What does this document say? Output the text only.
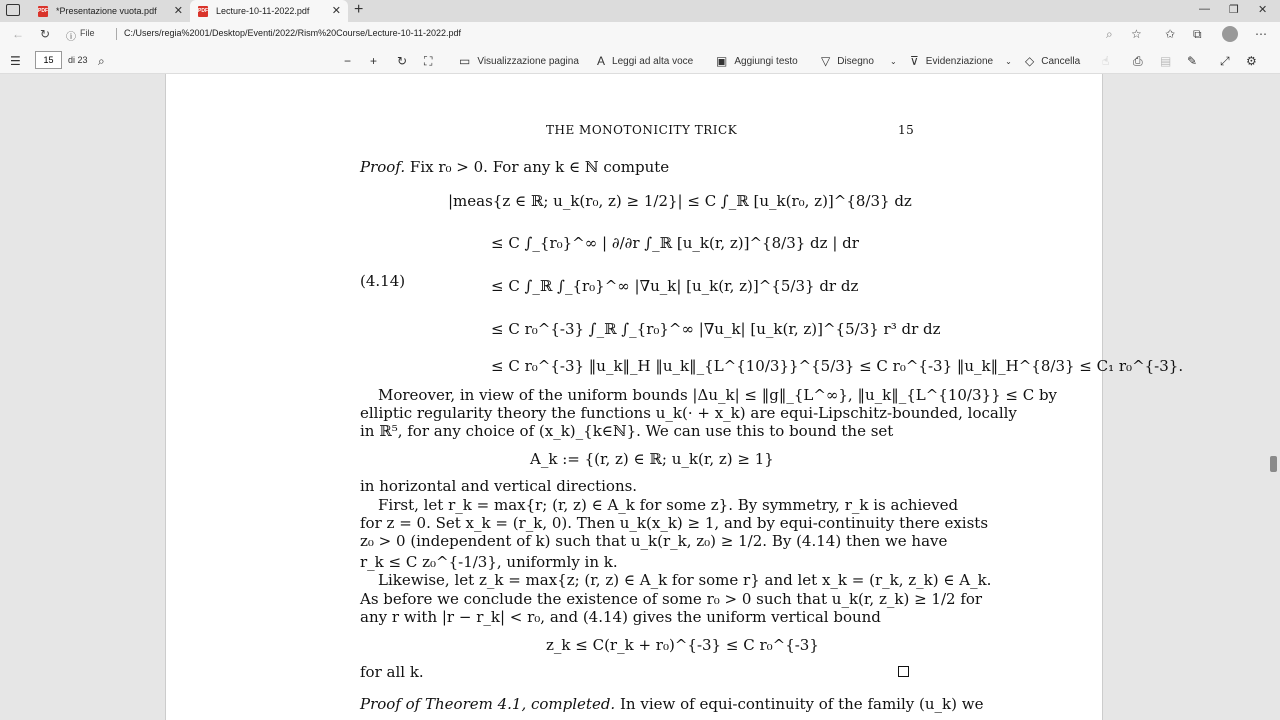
PDF *Presentazione vuota.pdf ✕	PDF Lecture-10-11-2022.pdf ✕ +	— ❐ ✕
← ↻ ⓘ File	C:/Users/regia%2001/Desktop/Eventi/2022/Rism%20Course/Lecture-10-11-2022.pdf	⌕ ☆ ✩ ⧉	⋯
☰	15	di 23 ⌕	− + ↻ ⛶ ▭ Visualizzazione pagina A Leggi ad alta voce ▣ Aggiungi testo ▽ Disegno ⌄ ⊽ Evidenziazione ⌄ ◇ Cancella ☝ ⎙ ▤ ✎ ⤢ ⚙
THE MONOTONICITY TRICK	15
Proof. Fix r₀ > 0. For any k ∈ ℕ compute
(4.14)
|meas{z ∈ ℝ; u_k(r₀, z) ≥ 1/2}| ≤ C ∫_ℝ [u_k(r₀, z)]^{8/3} dz
≤ C ∫_{r₀}^∞ | ∂/∂r ∫_ℝ [u_k(r, z)]^{8/3} dz | dr
≤ C ∫_ℝ ∫_{r₀}^∞ |∇u_k| [u_k(r, z)]^{5/3} dr dz
≤ C r₀^{-3} ∫_ℝ ∫_{r₀}^∞ |∇u_k| [u_k(r, z)]^{5/3} r³ dr dz
≤ C r₀^{-3} ‖u_k‖_H ‖u_k‖_{L^{10/3}}^{5/3} ≤ C r₀^{-3} ‖u_k‖_H^{8/3} ≤ C₁ r₀^{-3}.
Moreover, in view of the uniform bounds |Δu_k| ≤ ‖g‖_{L^∞}, ‖u_k‖_{L^{10/3}} ≤ C by
elliptic regularity theory the functions u_k(· + x_k) are equi-Lipschitz-bounded, locally
in ℝ⁵, for any choice of (x_k)_{k∈ℕ}. We can use this to bound the set
A_k := {(r, z) ∈ ℝ; u_k(r, z) ≥ 1}
in horizontal and vertical directions.
First, let r_k = max{r; (r, z) ∈ A_k for some z}. By symmetry, r_k is achieved
for z = 0. Set x_k = (r_k, 0). Then u_k(x_k) ≥ 1, and by equi-continuity there exists
z₀ > 0 (independent of k) such that u_k(r_k, z₀) ≥ 1/2. By (4.14) then we have
r_k ≤ C z₀^{-1/3}, uniformly in k.
Likewise, let z_k = max{z; (r, z) ∈ A_k for some r} and let x_k = (r_k, z_k) ∈ A_k.
As before we conclude the existence of some r₀ > 0 such that u_k(r, z_k) ≥ 1/2 for
any r with |r − r_k| < r₀, and (4.14) gives the uniform vertical bound
z_k ≤ C(r_k + r₀)^{-3} ≤ C r₀^{-3}
for all k.
Proof of Theorem 4.1, completed. In view of equi-continuity of the family (u_k) we
